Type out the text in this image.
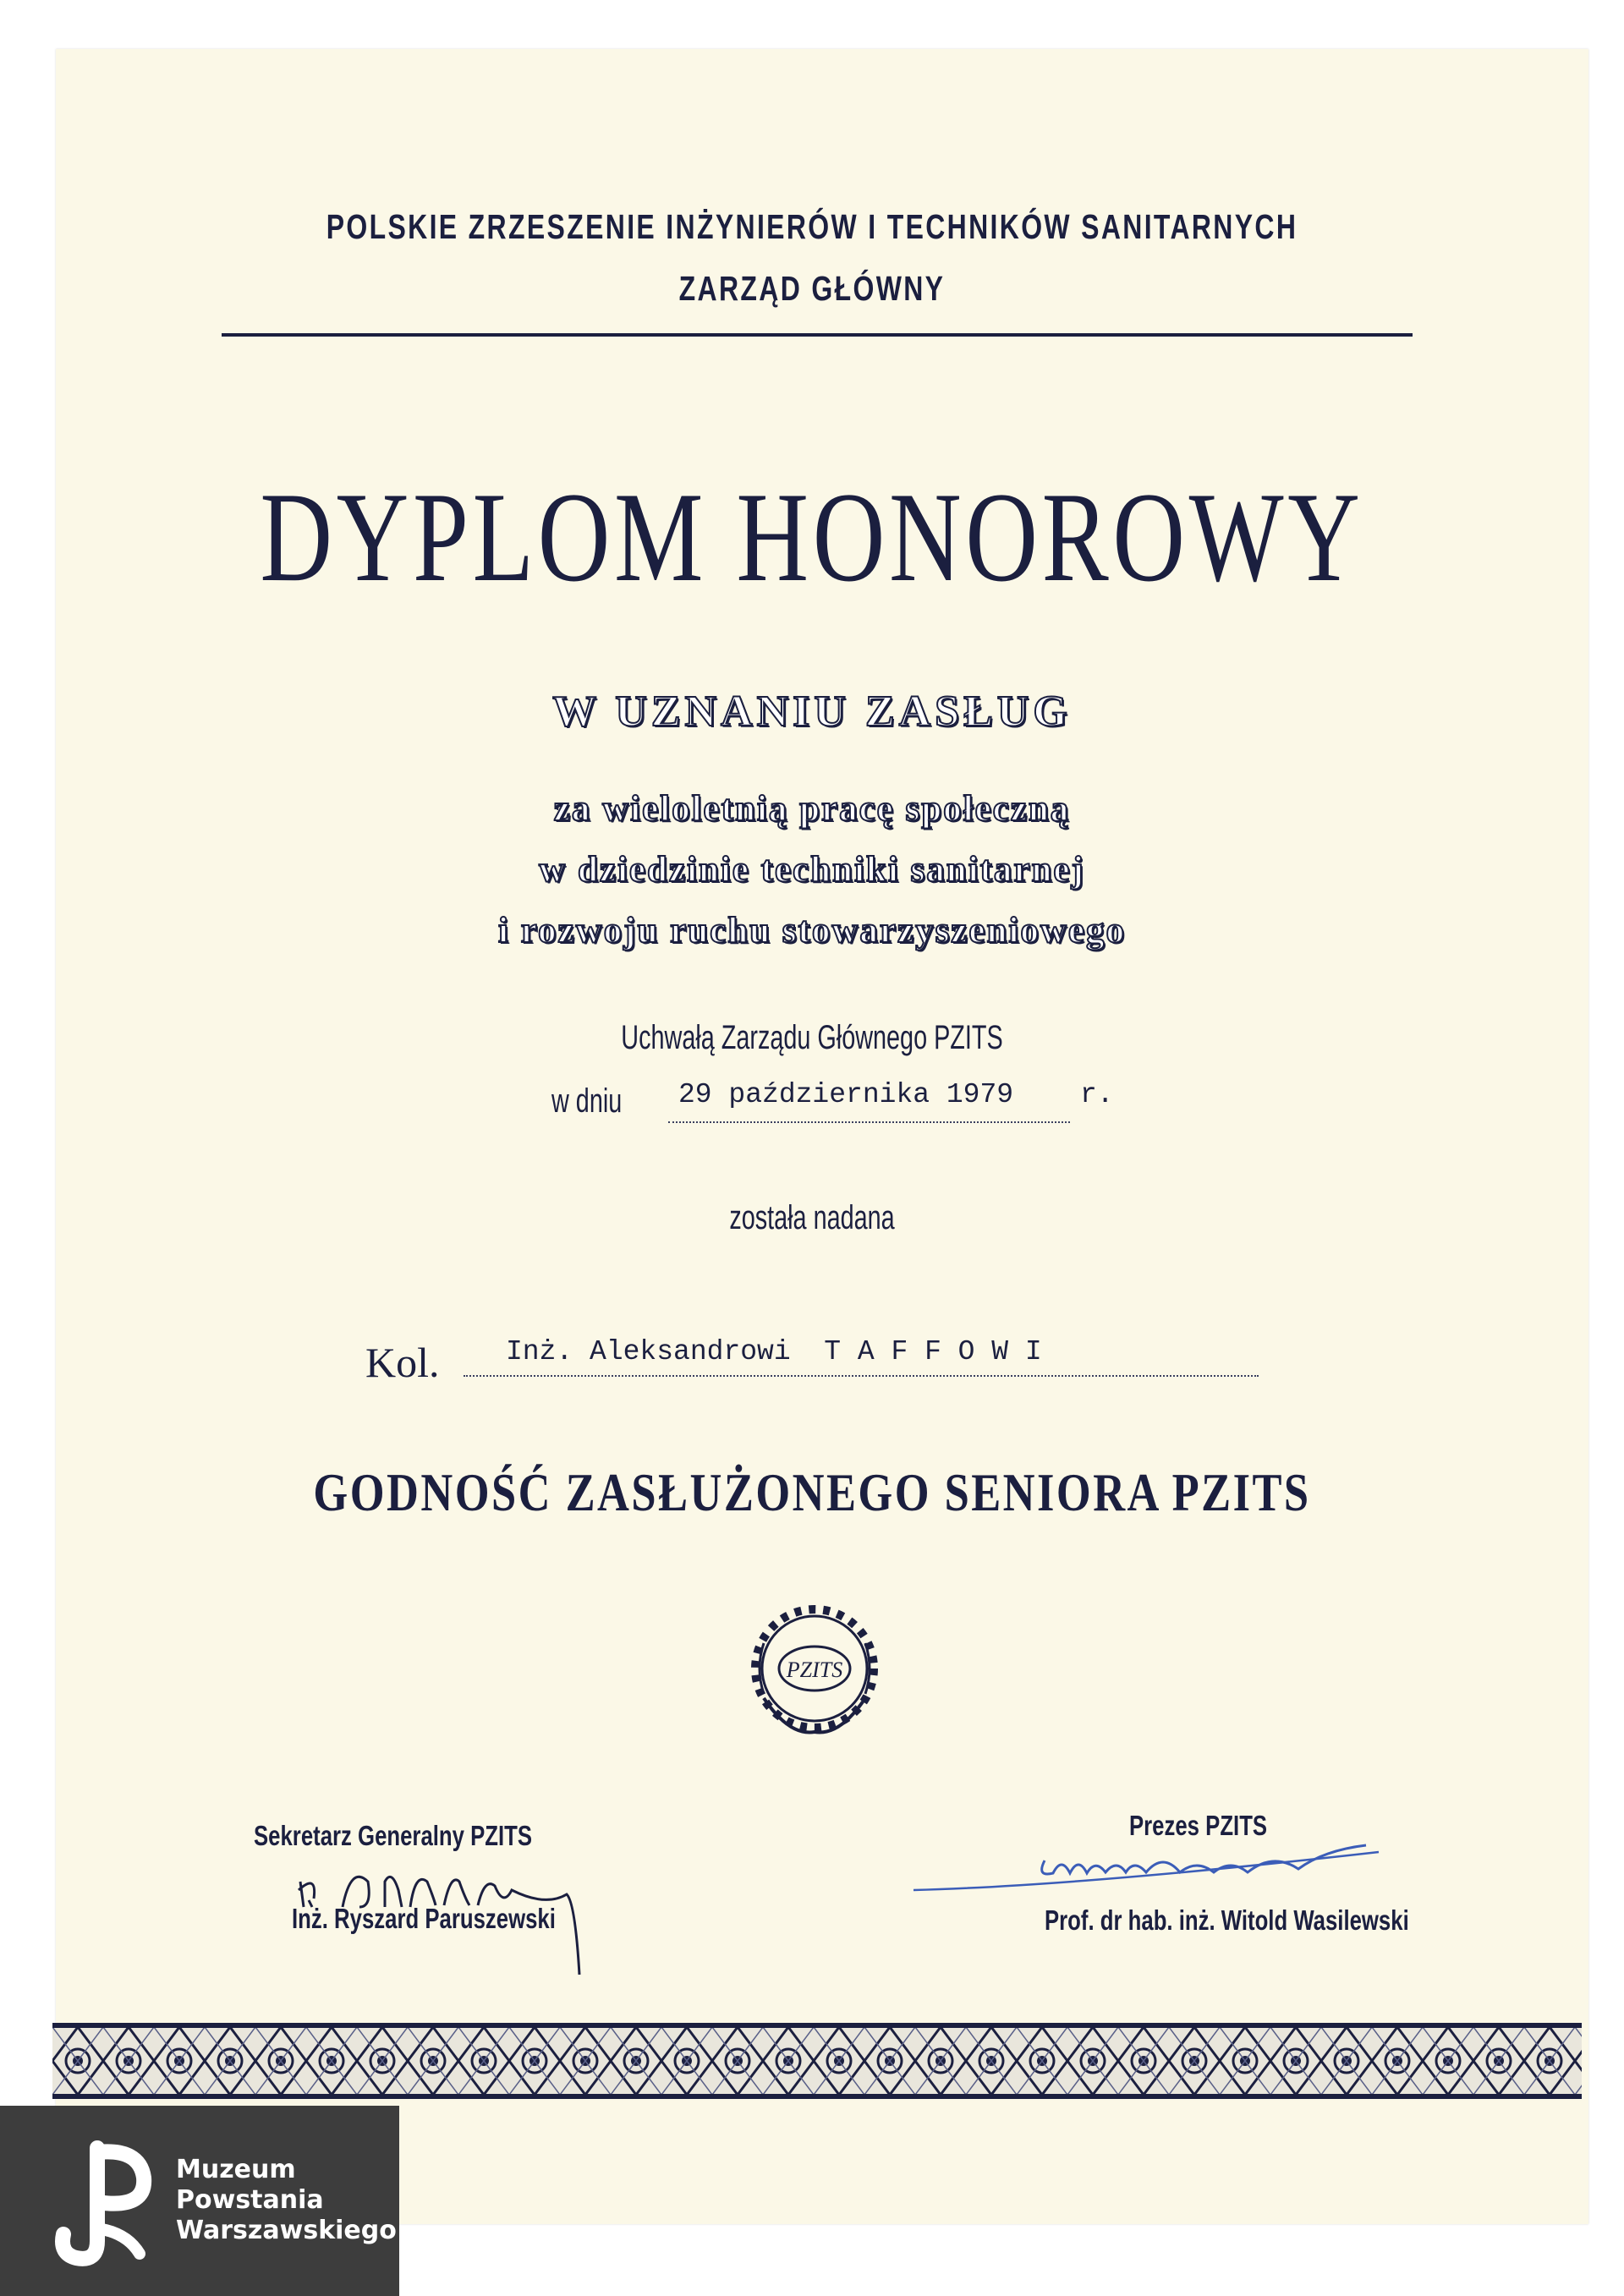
POLSKIE ZRZESZENIE INŻYNIERÓW I TECHNIKÓW SANITARNYCH
ZARZĄD GŁÓWNY
DYPLOM HONOROWY
W UZNANIU ZASŁUG
za wieloletnią pracę społeczną
w dziedzinie techniki sanitarnej
i rozwoju ruchu stowarzyszeniowego
Uchwałą Zarządu Głównego PZITS
w dniu 29 października 1979 r.
została nadana
Kol. Inż. Aleksandrowi  T A F F O W I
GODNOŚĆ ZASŁUŻONEGO SENIORA PZITS
PZITS
Sekretarz Generalny PZITS
Inż. Ryszard Paruszewski
Prezes PZITS
Prof. dr hab. inż. Witold Wasilewski
Muzeum
Powstania
Warszawskiego
